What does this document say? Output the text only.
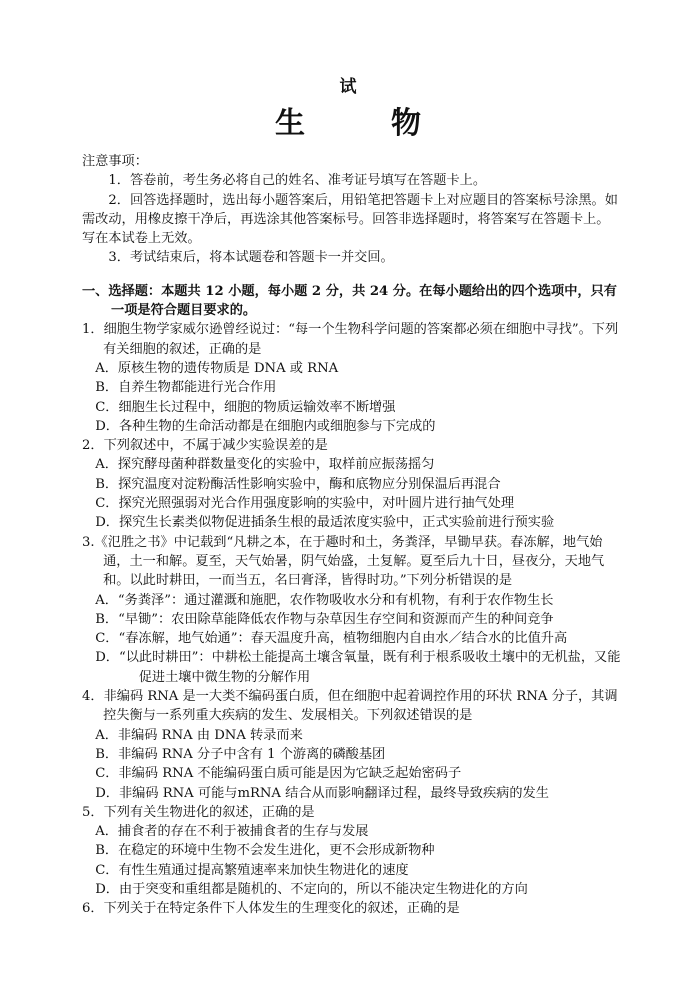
试
生　物

注意事项：

1．答卷前，考生务必将自己的姓名、准考证号填写在答题卡上。

2．回答选择题时，选出每小题答案后，用铅笔把答题卡上对应题目的答案标号涂黑。如需改动，用橡皮擦干净后，再选涂其他答案标号。回答非选择题时，将答案写在答题卡上。写在本试卷上无效。

3．考试结束后，将本试题卷和答题卡一并交回。

一、选择题：本题共 12 小题，每小题 2 分，共 24 分。在每小题给出的四个选项中，只有一项是符合题目要求的。

1．细胞生物学家威尔逊曾经说过：“每一个生物科学问题的答案都必须在细胞中寻找”。下列有关细胞的叙述，正确的是

A．原核生物的遗传物质是 DNA 或 RNA

B．自养生物都能进行光合作用

C．细胞生长过程中，细胞的物质运输效率不断增强

D．各种生物的生命活动都是在细胞内或细胞参与下完成的

2．下列叙述中，不属于减少实验误差的是

A．探究酵母菌种群数量变化的实验中，取样前应振荡摇匀

B．探究温度对淀粉酶活性影响实验中，酶和底物应分别保温后再混合

C．探究光照强弱对光合作用强度影响的实验中，对叶圆片进行抽气处理

D．探究生长素类似物促进插条生根的最适浓度实验中，正式实验前进行预实验

3.《氾胜之书》中记载到“凡耕之本，在于趣时和土，务粪泽，早锄早获。春冻解，地气始通，土一和解。夏至，天气始暑，阴气始盛，土复解。夏至后九十日，昼夜分，天地气和。以此时耕田，一而当五，名曰膏泽，皆得时功。”下列分析错误的是

A．“务粪泽”：通过灌溉和施肥，农作物吸收水分和有机物，有利于农作物生长

B．“早锄”：农田除草能降低农作物与杂草因生存空间和资源而产生的种间竞争

C．“春冻解，地气始通”：春天温度升高，植物细胞内自由水／结合水的比值升高

D．“以此时耕田”：中耕松土能提高土壤含氧量，既有利于根系吸收土壤中的无机盐，又能促进土壤中微生物的分解作用

4．非编码 RNA 是一大类不编码蛋白质，但在细胞中起着调控作用的环状 RNA 分子，其调控失衡与一系列重大疾病的发生、发展相关。下列叙述错误的是

A．非编码 RNA 由 DNA 转录而来

B．非编码 RNA 分子中含有 1 个游离的磷酸基团

C．非编码 RNA 不能编码蛋白质可能是因为它缺乏起始密码子

D．非编码 RNA 可能与mRNA 结合从而影响翻译过程，最终导致疾病的发生

5．下列有关生物进化的叙述，正确的是

A．捕食者的存在不利于被捕食者的生存与发展

B．在稳定的环境中生物不会发生进化，更不会形成新物种

C．有性生殖通过提高繁殖速率来加快生物进化的速度

D．由于突变和重组都是随机的、不定向的，所以不能决定生物进化的方向

6．下列关于在特定条件下人体发生的生理变化的叙述，正确的是
